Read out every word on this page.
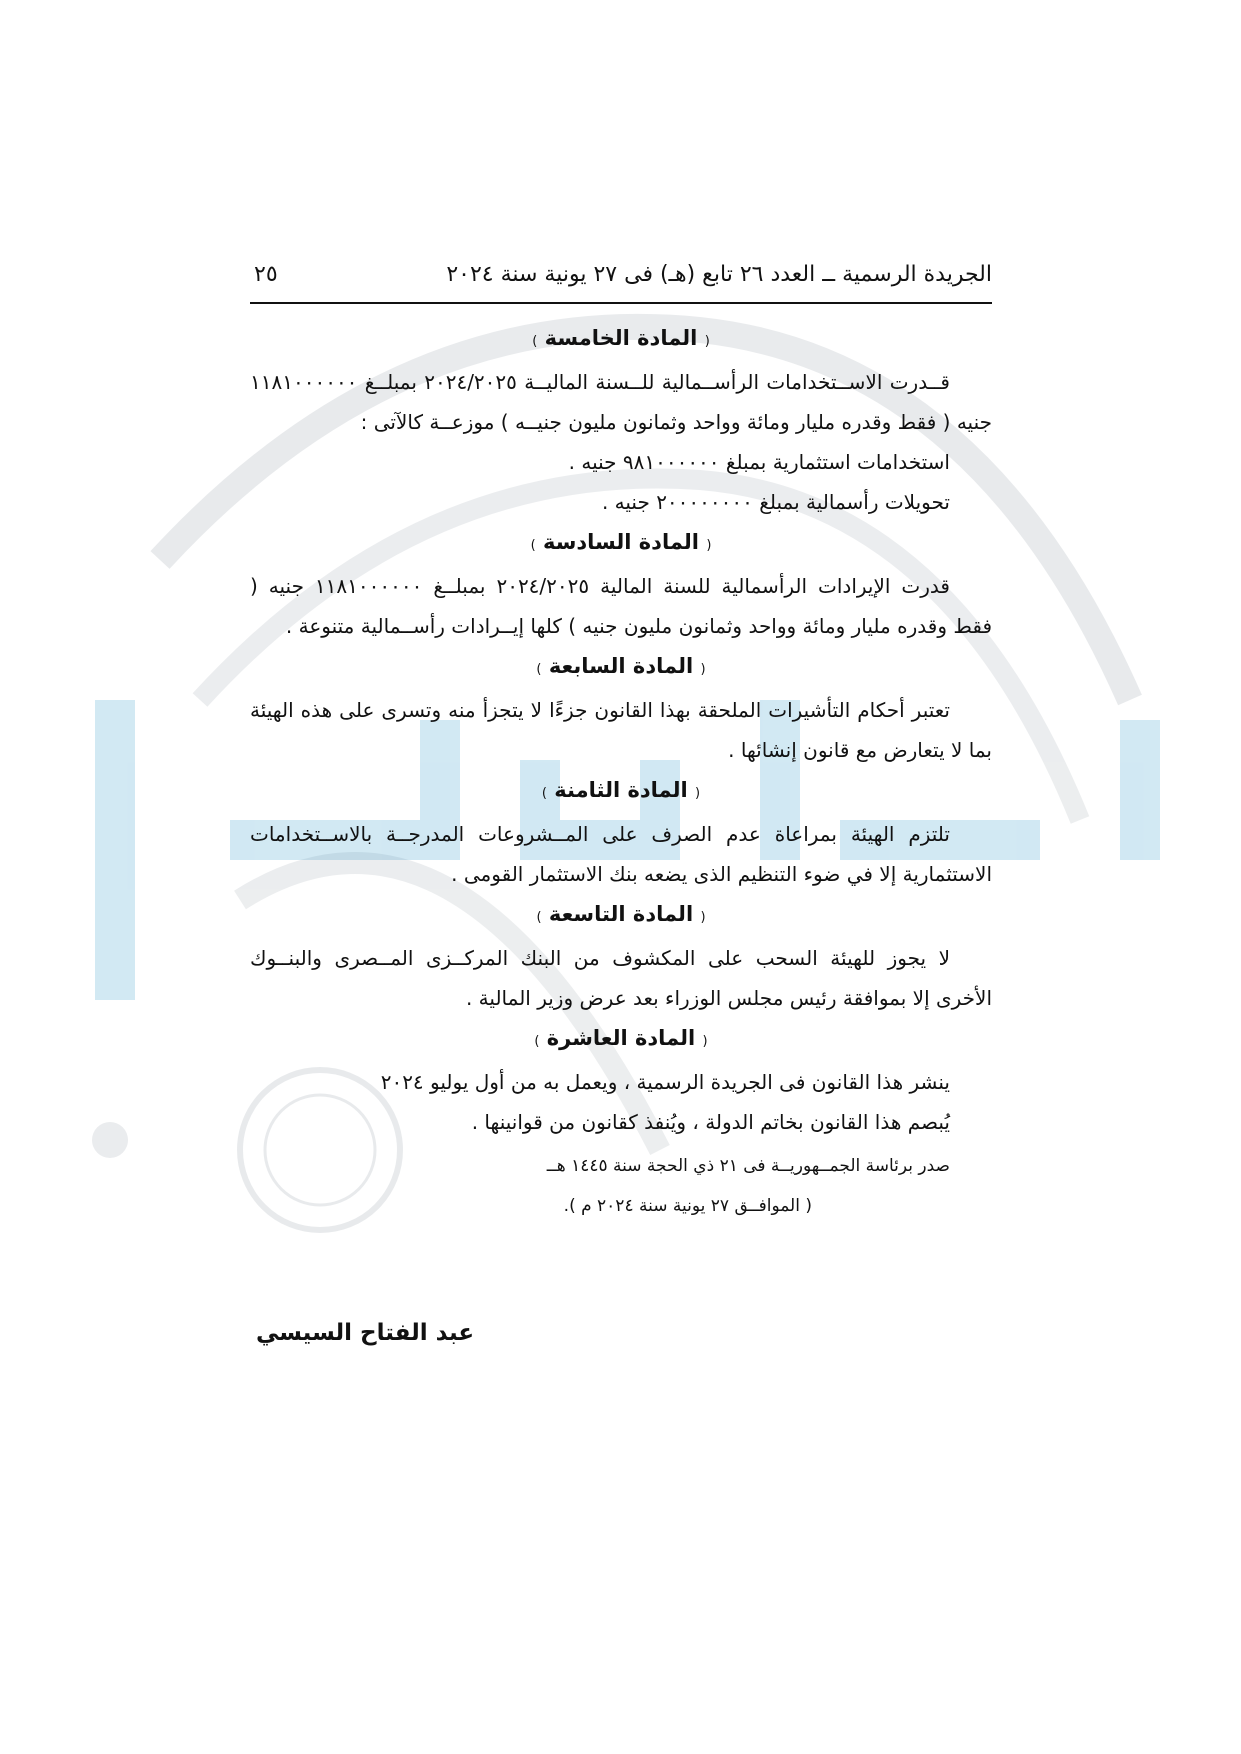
الجريدة الرسمية ــ العدد ٢٦ تابع (هـ) فى ٢٧ يونية سنة ٢٠٢٤
٢٥
( المادة الخامسة )
قــدرت الاســتخدامات الرأســمالية للــسنة الماليــة ٢٠٢٤/٢٠٢٥ بمبلــغ ١١٨١٠٠٠٠٠٠ جنيه ( فقط وقدره مليار ومائة وواحد وثمانون مليون جنيــه ) موزعــة كالآتى :
استخدامات استثمارية بمبلغ ٩٨١٠٠٠٠٠٠ جنيه .
تحويلات رأسمالية بمبلغ ٢٠٠٠٠٠٠٠٠ جنيه .
( المادة السادسة )
قدرت الإيرادات الرأسمالية للسنة المالية ٢٠٢٤/٢٠٢٥ بمبلــغ ١١٨١٠٠٠٠٠٠ جنيه ( فقط وقدره مليار ومائة وواحد وثمانون مليون جنيه ) كلها إيــرادات رأســمالية متنوعة .
( المادة السابعة )
تعتبر أحكام التأشيرات الملحقة بهذا القانون جزءًا لا يتجزأ منه وتسرى على هذه الهيئة بما لا يتعارض مع قانون إنشائها .
( المادة الثامنة )
تلتزم الهيئة بمراعاة عدم الصرف على المــشروعات المدرجــة بالاســتخدامات الاستثمارية إلا في ضوء التنظيم الذى يضعه بنك الاستثمار القومى .
( المادة التاسعة )
لا يجوز للهيئة السحب على المكشوف من البنك المركــزى المــصرى والبنــوك الأخرى إلا بموافقة رئيس مجلس الوزراء بعد عرض وزير المالية .
( المادة العاشرة )
ينشر هذا القانون فى الجريدة الرسمية ، ويعمل به من أول يوليو ٢٠٢٤
يُبصم هذا القانون بخاتم الدولة ، ويُنفذ كقانون من قوانينها .
صدر برئاسة الجمــهوريــة فى ٢١ ذي الحجة سنة ١٤٤٥ هــ
( الموافــق ٢٧ يونية سنة ٢٠٢٤ م ).
عبد الفتاح السيسي
